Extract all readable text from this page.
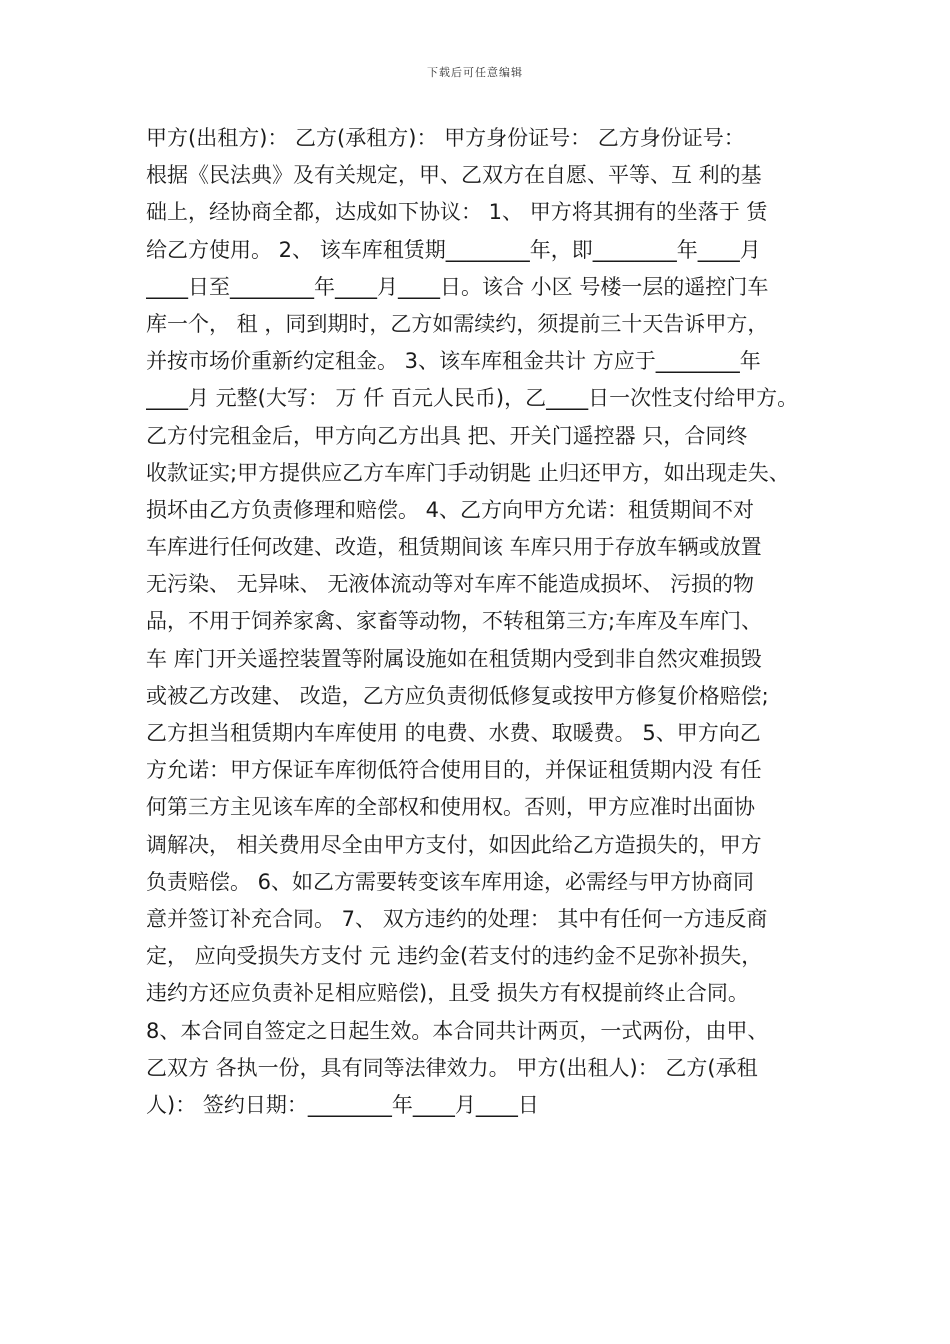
下载后可任意编辑
甲方(出租方)： 乙方(承租方)： 甲方身份证号： 乙方身份证号：
根据《民法典》及有关规定，甲、乙双方在自愿、平等、互 利的基
础上，经协商全都，达成如下协议： 1、 甲方将其拥有的坐落于 赁
给乙方使用。 2、 该车库租赁期________年，即________年____月
____日至________年____月____日。该合 小区 号楼一层的遥控门车
库一个， 租 ，同到期时，乙方如需续约，须提前三十天告诉甲方，
并按市场价重新约定租金。 3、该车库租金共计 方应于________年
____月 元整(大写： 万 仟 百元人民币)，乙____日一次性支付给甲方。
乙方付完租金后，甲方向乙方出具 把、开关门遥控器 只，合同终
收款证实;甲方提供应乙方车库门手动钥匙 止归还甲方，如出现走失、
损坏由乙方负责修理和赔偿。 4、乙方向甲方允诺：租赁期间不对
车库进行任何改建、改造，租赁期间该 车库只用于存放车辆或放置
无污染、 无异味、 无液体流动等对车库不能造成损坏、 污损的物
品，不用于饲养家禽、家畜等动物，不转租第三方;车库及车库门、
车 库门开关遥控装置等附属设施如在租赁期内受到非自然灾难损毁
或被乙方改建、 改造，乙方应负责彻低修复或按甲方修复价格赔偿;
乙方担当租赁期内车库使用 的电费、水费、取暖费。 5、甲方向乙
方允诺：甲方保证车库彻低符合使用目的，并保证租赁期内没 有任
何第三方主见该车库的全部权和使用权。否则，甲方应准时出面协
调解决， 相关费用尽全由甲方支付，如因此给乙方造损失的，甲方
负责赔偿。 6、如乙方需要转变该车库用途，必需经与甲方协商同
意并签订补充合同。 7、 双方违约的处理： 其中有任何一方违反商
定， 应向受损失方支付 元 违约金(若支付的违约金不足弥补损失，
违约方还应负责补足相应赔偿)，且受 损失方有权提前终止合同。
8、本合同自签定之日起生效。本合同共计两页，一式两份，由甲、
乙双方 各执一份，具有同等法律效力。 甲方(出租人)： 乙方(承租
人)： 签约日期：________年____月____日
